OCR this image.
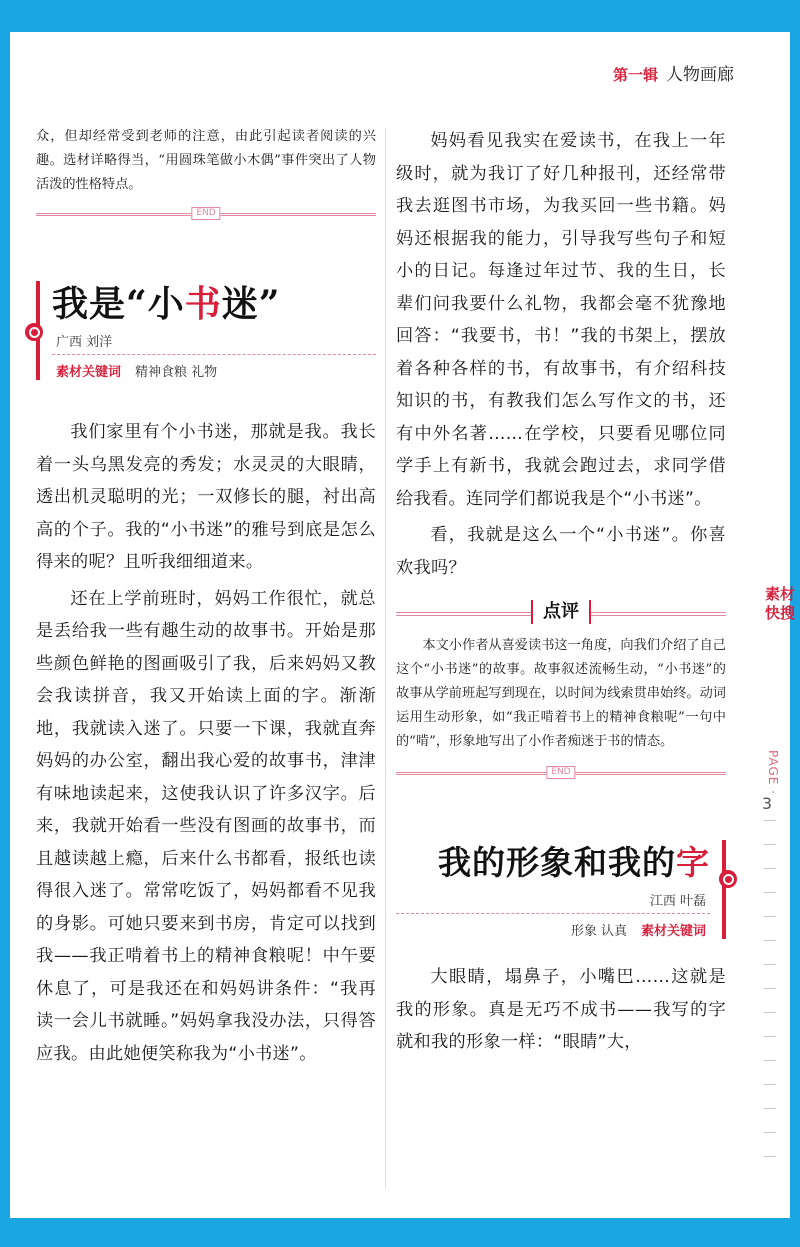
第一辑 人物画廊

众，但却经常受到老师的注意，由此引起读者阅读的兴趣。选材详略得当，“用圆珠笔做小木偶”事件突出了人物活泼的性格特点。

END
我是“小书迷”
广西 刘洋
素材关键词 精神食粮 礼物

我们家里有个小书迷，那就是我。我长着一头乌黑发亮的秀发；水灵灵的大眼睛，透出机灵聪明的光；一双修长的腿，衬出高高的个子。我的“小书迷”的雅号到底是怎么得来的呢？且听我细细道来。

还在上学前班时，妈妈工作很忙，就总是丢给我一些有趣生动的故事书。开始是那些颜色鲜艳的图画吸引了我，后来妈妈又教会我读拼音，我又开始读上面的字。渐渐地，我就读入迷了。只要一下课，我就直奔妈妈的办公室，翻出我心爱的故事书，津津有味地读起来，这使我认识了许多汉字。后来，我就开始看一些没有图画的故事书，而且越读越上瘾，后来什么书都看，报纸也读得很入迷了。常常吃饭了，妈妈都看不见我的身影。可她只要来到书房，肯定可以找到我——我正啃着书上的精神食粮呢！中午要休息了，可是我还在和妈妈讲条件：“我再读一会儿书就睡。”妈妈拿我没办法，只得答应我。由此她便笑称我为“小书迷”。

妈妈看见我实在爱读书，在我上一年级时，就为我订了好几种报刊，还经常带我去逛图书市场，为我买回一些书籍。妈妈还根据我的能力，引导我写些句子和短小的日记。每逢过年过节、我的生日，长辈们问我要什么礼物，我都会毫不犹豫地回答：“我要书，书！”我的书架上，摆放着各种各样的书，有故事书，有介绍科技知识的书，有教我们怎么写作文的书，还有中外名著……在学校，只要看见哪位同学手上有新书，我就会跑过去，求同学借给我看。连同学们都说我是个“小书迷”。

看，我就是这么一个“小书迷”。你喜欢我吗？

点评

本文小作者从喜爱读书这一角度，向我们介绍了自己这个“小书迷”的故事。故事叙述流畅生动，“小书迷”的故事从学前班起写到现在，以时间为线索贯串始终。动词运用生动形象，如“我正啃着书上的精神食粮呢”一句中的“啃”，形象地写出了小作者痴迷于书的情态。

END
我的形象和我的字
江西 叶磊
形象 认真 素材关键词

大眼睛，塌鼻子，小嘴巴……这就是我的形象。真是无巧不成书——我写的字就和我的形象一样：“眼睛”大，

素材快搜
PAGE ·
3
